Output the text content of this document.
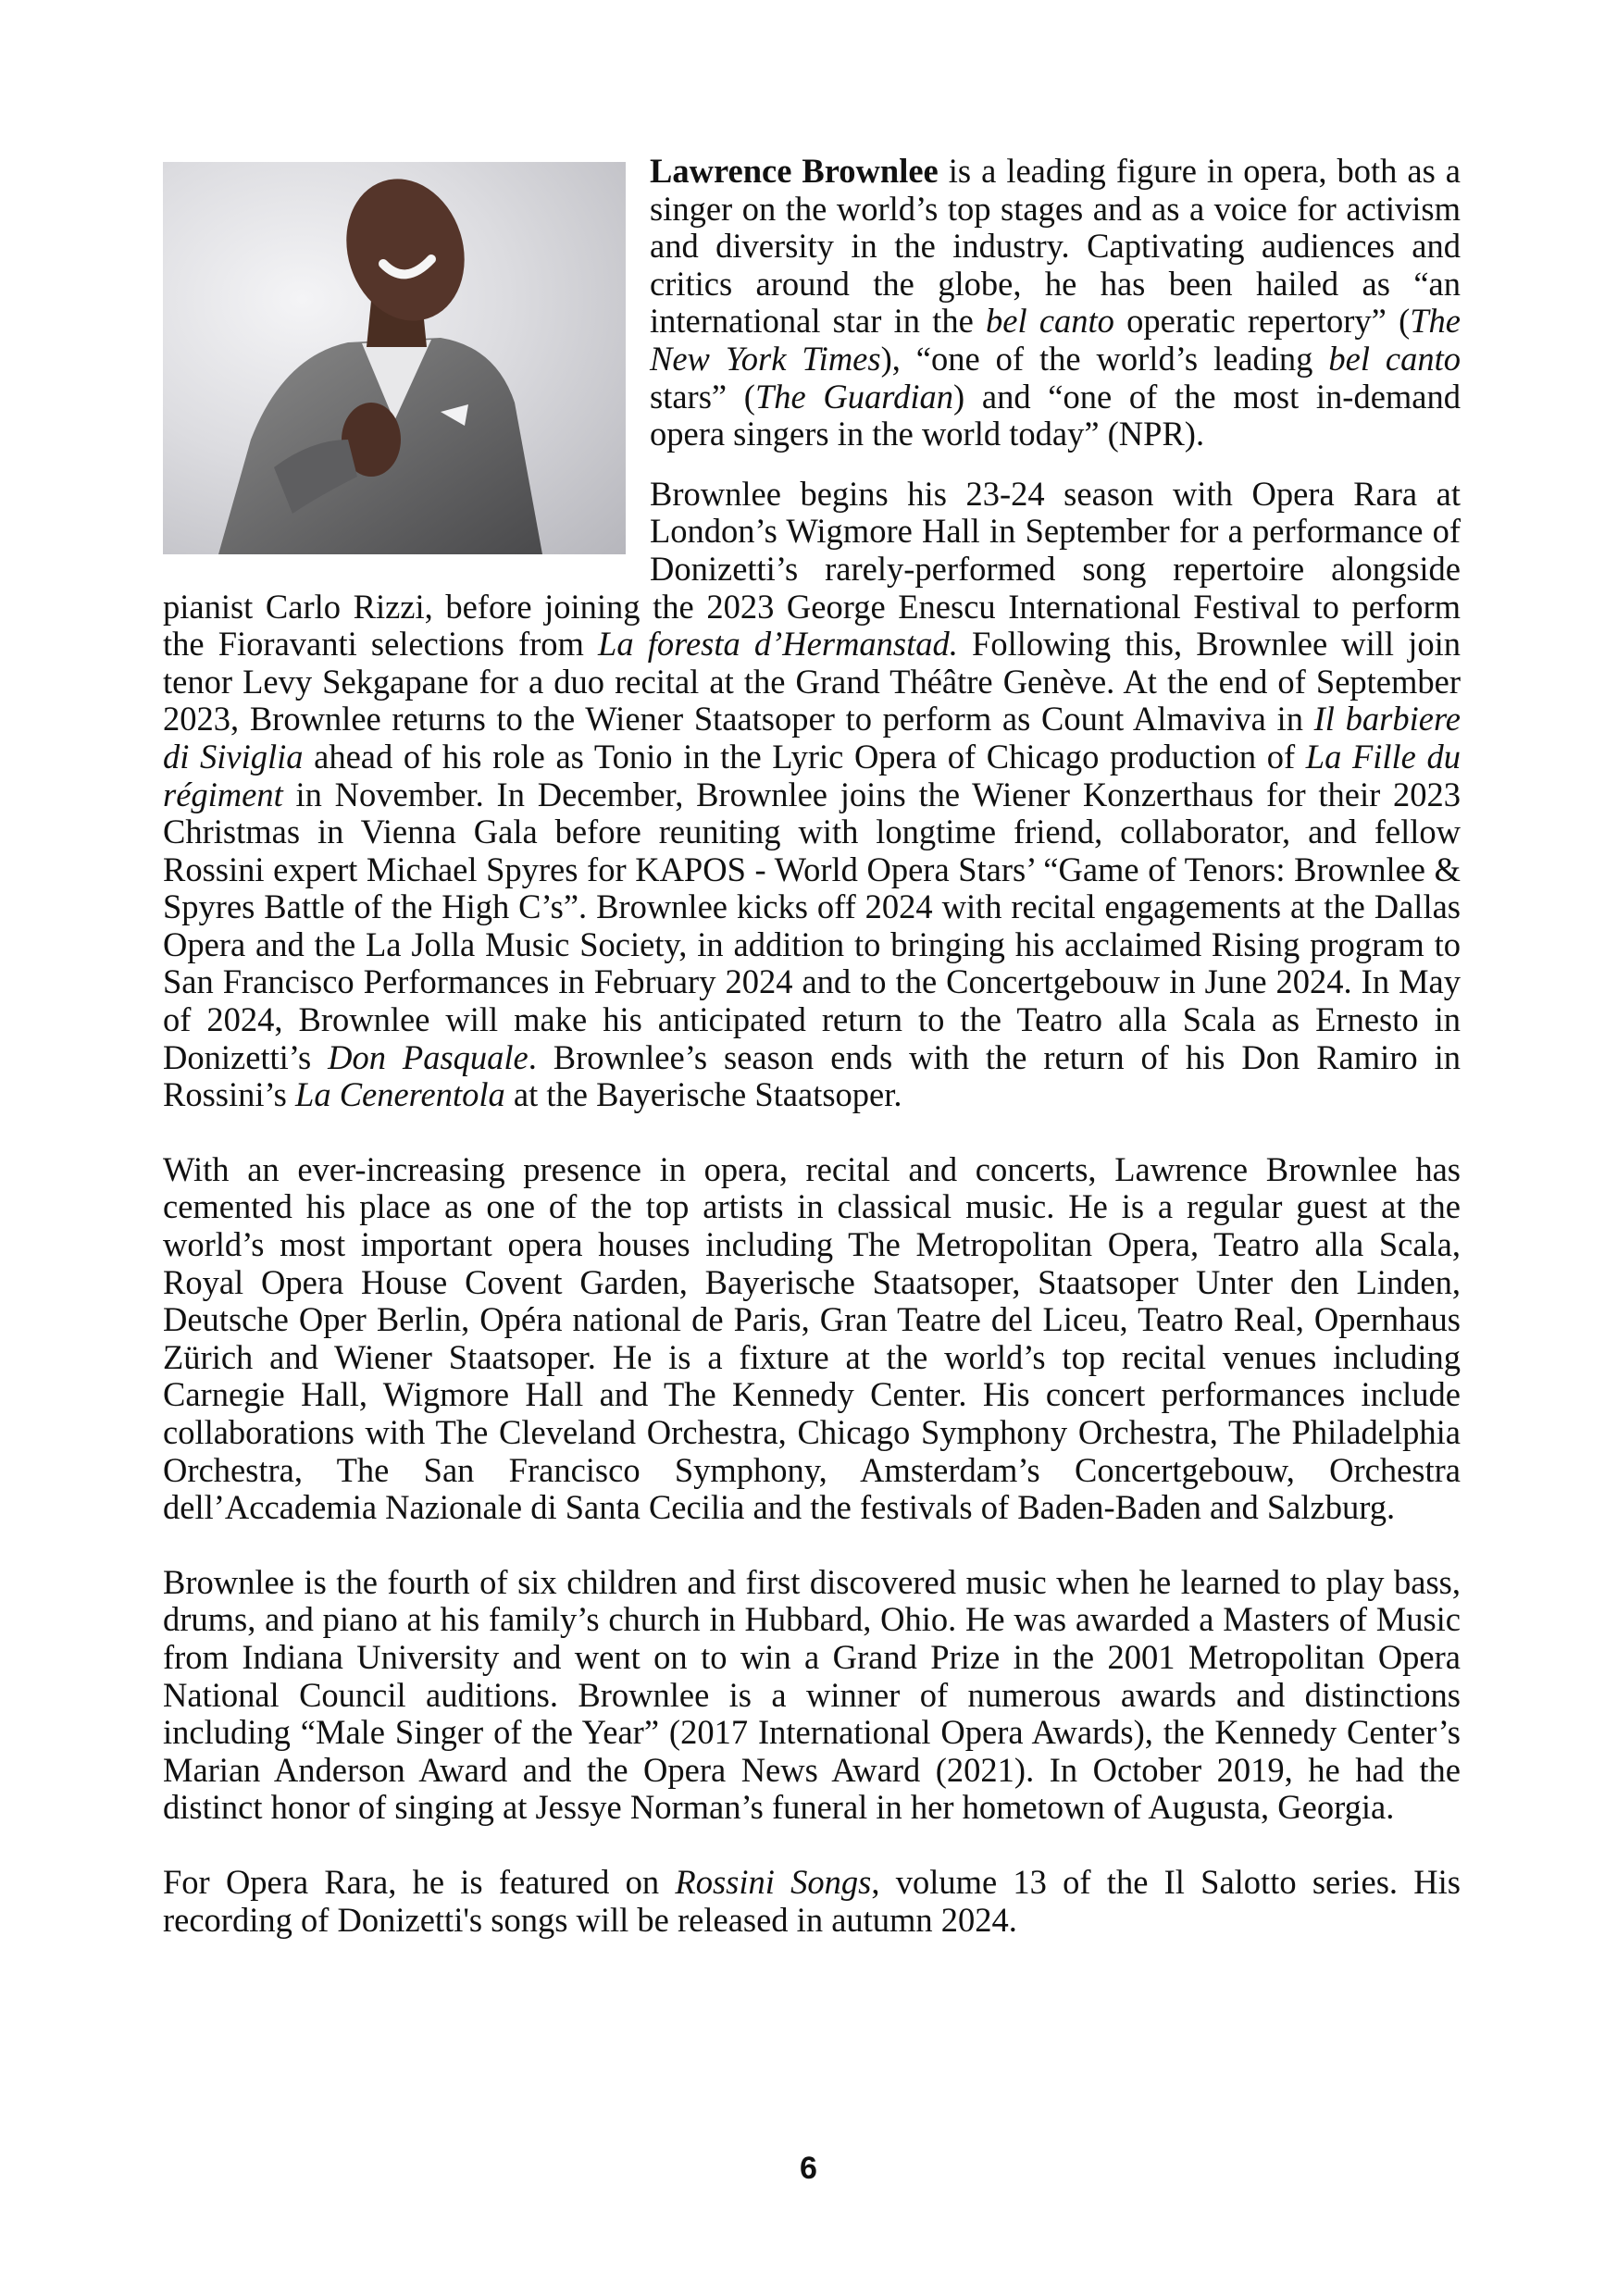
Lawrence Brownlee is a leading figure in opera, both as a singer on the world’s top stages and as a voice for activism and diversity in the industry. Captivating audiences and critics around the globe, he has been hailed as “an international star in the bel canto operatic repertory” (The New York Times), “one of the world’s leading bel canto stars” (The Guardian) and “one of the most in-demand opera singers in the world today” (NPR).

Brownlee begins his 23-24 season with Opera Rara at London’s Wigmore Hall in September for a performance of Donizetti’s rarely-performed song repertoire alongside pianist Carlo Rizzi, before joining the 2023 George Enescu International Festival to perform the Fioravanti selections from La foresta d’Hermanstad. Following this, Brownlee will join tenor Levy Sekgapane for a duo recital at the Grand Théâtre Genève. At the end of September 2023, Brownlee returns to the Wiener Staatsoper to perform as Count Almaviva in Il barbiere di Siviglia ahead of his role as Tonio in the Lyric Opera of Chicago production of La Fille du régiment in November. In December, Brownlee joins the Wiener Konzerthaus for their 2023 Christmas in Vienna Gala before reuniting with longtime friend, collaborator, and fellow Rossini expert Michael Spyres for KAPOS - World Opera Stars’ “Game of Tenors: Brownlee & Spyres Battle of the High C’s”. Brownlee kicks off 2024 with recital engagements at the Dallas Opera and the La Jolla Music Society, in addition to bringing his acclaimed Rising program to San Francisco Performances in February 2024 and to the Concertgebouw in June 2024. In May of 2024, Brownlee will make his anticipated return to the Teatro alla Scala as Ernesto in Donizetti’s Don Pasquale. Brownlee’s season ends with the return of his Don Ramiro in Rossini’s La Cenerentola at the Bayerische Staatsoper.

With an ever-increasing presence in opera, recital and concerts, Lawrence Brownlee has cemented his place as one of the top artists in classical music. He is a regular guest at the world’s most important opera houses including The Metropolitan Opera, Teatro alla Scala, Royal Opera House Covent Garden, Bayerische Staatsoper, Staatsoper Unter den Linden, Deutsche Oper Berlin, Opéra national de Paris, Gran Teatre del Liceu, Teatro Real, Opernhaus Zürich and Wiener Staatsoper. He is a fixture at the world’s top recital venues including Carnegie Hall, Wigmore Hall and The Kennedy Center. His concert performances include collaborations with The Cleveland Orchestra, Chicago Symphony Orchestra, The Philadelphia Orchestra, The San Francisco Symphony, Amsterdam’s Concertgebouw, Orchestra dell’Accademia Nazionale di Santa Cecilia and the festivals of Baden-Baden and Salzburg.

Brownlee is the fourth of six children and first discovered music when he learned to play bass, drums, and piano at his family’s church in Hubbard, Ohio. He was awarded a Masters of Music from Indiana University and went on to win a Grand Prize in the 2001 Metropolitan Opera National Council auditions. Brownlee is a winner of numerous awards and distinctions including “Male Singer of the Year” (2017 International Opera Awards), the Kennedy Center’s Marian Anderson Award and the Opera News Award (2021). In October 2019, he had the distinct honor of singing at Jessye Norman’s funeral in her hometown of Augusta, Georgia.

For Opera Rara, he is featured on Rossini Songs, volume 13 of the Il Salotto series. His recording of Donizetti's songs will be released in autumn 2024.

6
